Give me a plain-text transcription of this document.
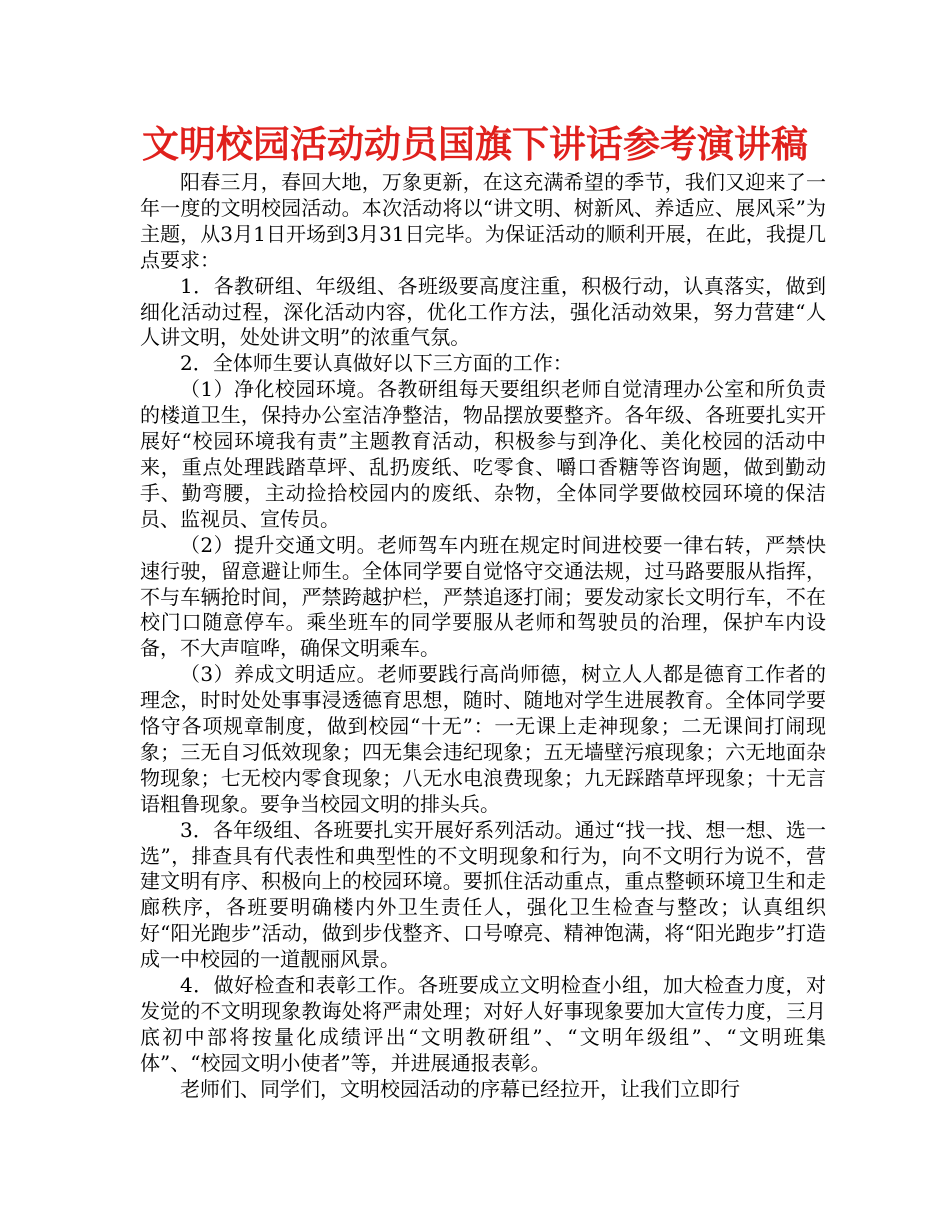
文明校园活动动员国旗下讲话参考演讲稿

阳春三月，春回大地，万象更新，在这充满希望的季节，我们又迎来了一年一度的文明校园活动。本次活动将以“讲文明、树新风、养适应、展风采”为主题，从3月1日开场到3月31日完毕。为保证活动的顺利开展，在此，我提几点要求：

1．各教研组、年级组、各班级要高度注重，积极行动，认真落实，做到细化活动过程，深化活动内容，优化工作方法，强化活动效果，努力营建“人人讲文明，处处讲文明”的浓重气氛。

2．全体师生要认真做好以下三方面的工作：

（1）净化校园环境。各教研组每天要组织老师自觉清理办公室和所负责的楼道卫生，保持办公室洁净整洁，物品摆放要整齐。各年级、各班要扎实开展好“校园环境我有责”主题教育活动，积极参与到净化、美化校园的活动中来，重点处理践踏草坪、乱扔废纸、吃零食、嚼口香糖等咨询题，做到勤动手、勤弯腰，主动捡拾校园内的废纸、杂物，全体同学要做校园环境的保洁员、监视员、宣传员。

（2）提升交通文明。老师驾车内班在规定时间进校要一律右转，严禁快速行驶，留意避让师生。全体同学要自觉恪守交通法规，过马路要服从指挥，不与车辆抢时间，严禁跨越护栏，严禁追逐打闹；要发动家长文明行车，不在校门口随意停车。乘坐班车的同学要服从老师和驾驶员的治理，保护车内设备，不大声喧哗，确保文明乘车。

（3）养成文明适应。老师要践行高尚师德，树立人人都是德育工作者的理念，时时处处事事浸透德育思想，随时、随地对学生进展教育。全体同学要恪守各项规章制度，做到校园“十无”：一无课上走神现象；二无课间打闹现象；三无自习低效现象；四无集会违纪现象；五无墙壁污痕现象；六无地面杂物现象；七无校内零食现象；八无水电浪费现象；九无踩踏草坪现象；十无言语粗鲁现象。要争当校园文明的排头兵。

3．各年级组、各班要扎实开展好系列活动。通过“找一找、想一想、选一选”，排查具有代表性和典型性的不文明现象和行为，向不文明行为说不，营建文明有序、积极向上的校园环境。要抓住活动重点，重点整顿环境卫生和走廊秩序，各班要明确楼内外卫生责任人，强化卫生检查与整改；认真组织好“阳光跑步”活动，做到步伐整齐、口号嘹亮、精神饱满，将“阳光跑步”打造成一中校园的一道靓丽风景。

4．做好检查和表彰工作。各班要成立文明检查小组，加大检查力度，对发觉的不文明现象教诲处将严肃处理；对好人好事现象要加大宣传力度，三月底初中部将按量化成绩评出“文明教研组”、“文明年级组”、“文明班集体”、“校园文明小使者”等，并进展通报表彰。

老师们、同学们，文明校园活动的序幕已经拉开，让我们立即行
